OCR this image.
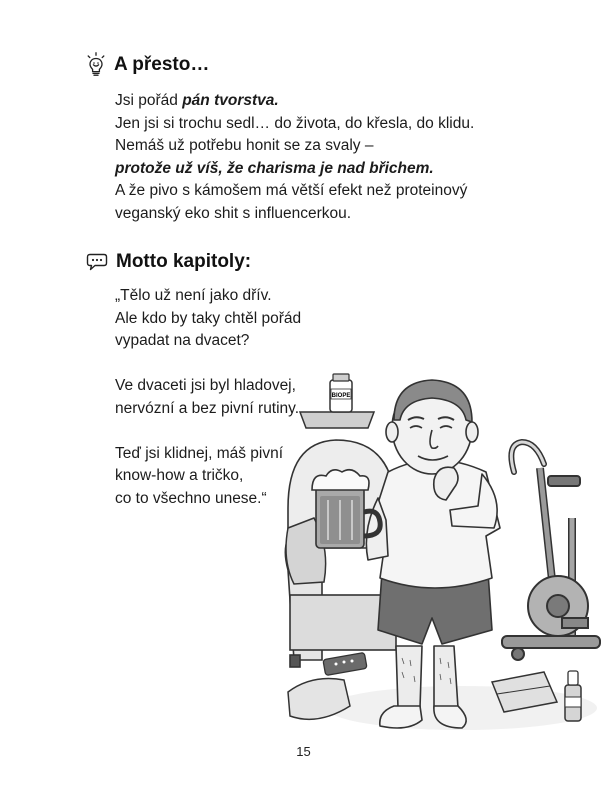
A přesto…
Jsi pořád pán tvorstva.
Jen jsi si trochu sedl… do života, do křesla, do klidu.
Nemáš už potřebu honit se za svaly –
protože už víš, že charisma je nad břichem.
A že pivo s kámošem má větší efekt než proteinový
veganský eko shit s influencerkou.
Motto kapitoly:
„Tělo už není jako dřív.
Ale kdo by taky chtěl pořád
vypadat na dvacet?
Ve dvaceti jsi byl hladovej,
nervózní a bez pivní rutiny.
Teď jsi klidnej, máš pivní
know-how a tričko,
co to všechno unese.“
BIOPE
15
